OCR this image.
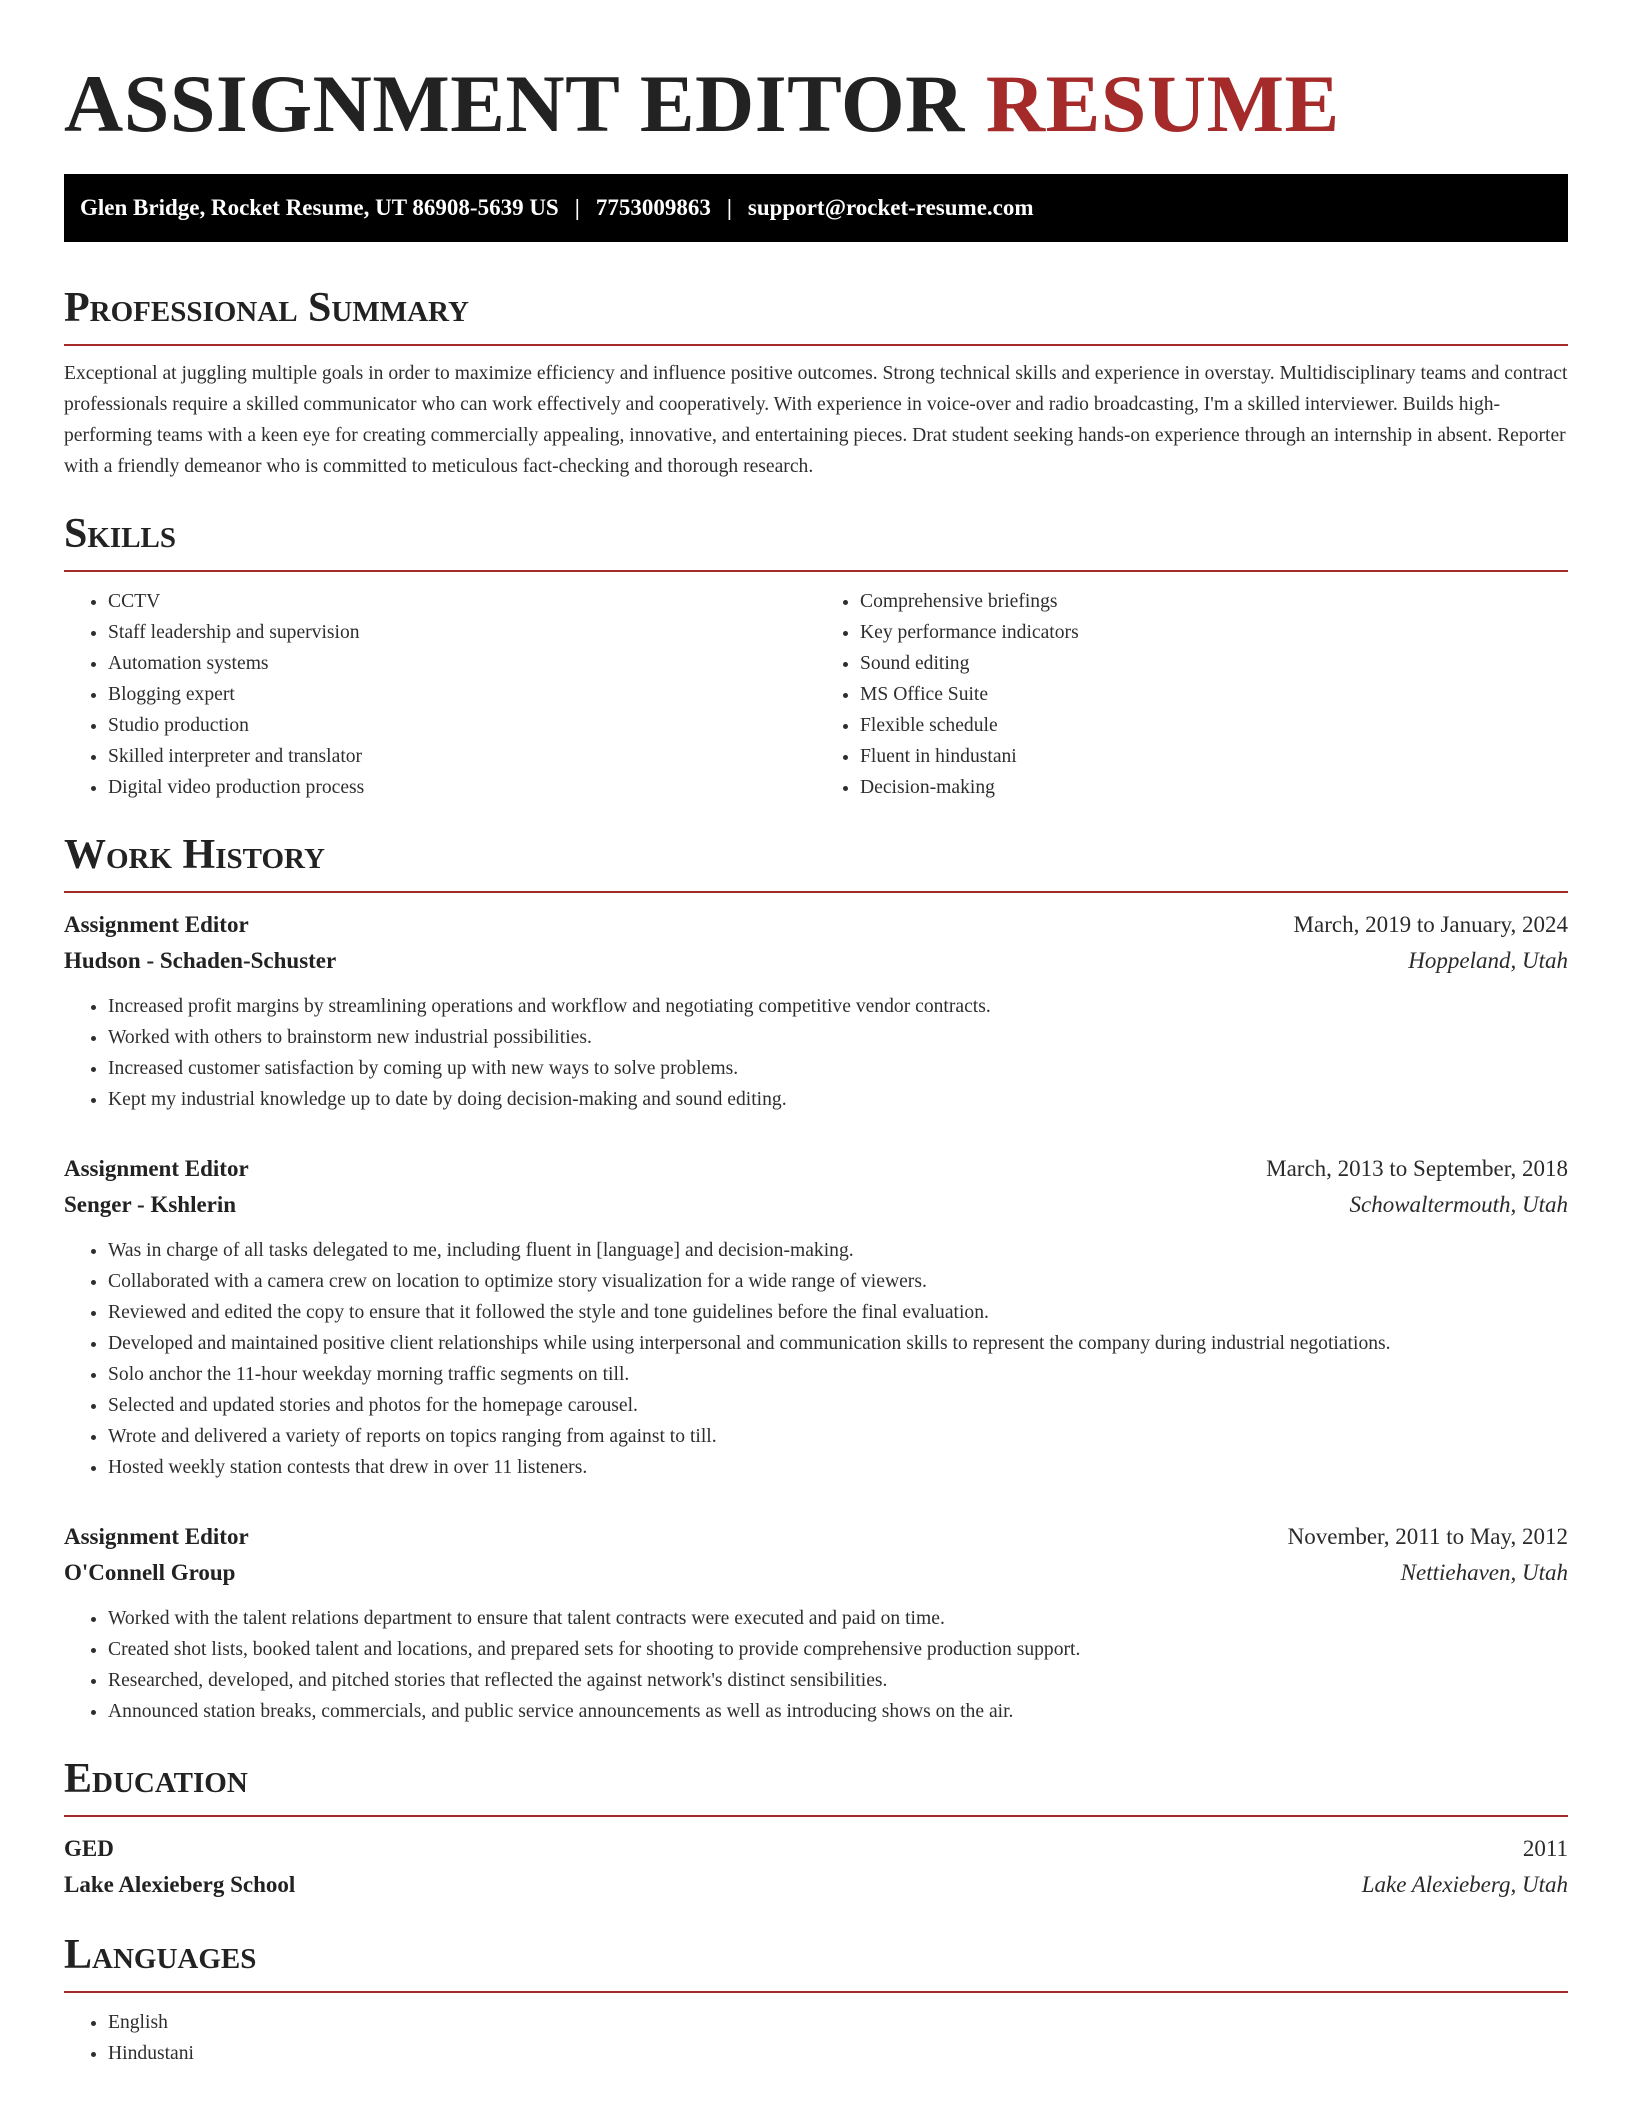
ASSIGNMENT EDITOR RESUME
Glen Bridge, Rocket Resume, UT 86908-5639 US | 7753009863 | support@rocket-resume.com
Professional Summary

Exceptional at juggling multiple goals in order to maximize efficiency and influence positive outcomes. Strong technical skills and experience in overstay. Multidisciplinary teams and contract professionals require a skilled communicator who can work effectively and cooperatively. With experience in voice-over and radio broadcasting, I'm a skilled interviewer. Builds high-performing teams with a keen eye for creating commercially appealing, innovative, and entertaining pieces. Drat student seeking hands-on experience through an internship in absent. Reporter with a friendly demeanor who is committed to meticulous fact-checking and thorough research.

Skills
• CCTV
• Staff leadership and supervision
• Automation systems
• Blogging expert
• Studio production
• Skilled interpreter and translator
• Digital video production process
• Comprehensive briefings
• Key performance indicators
• Sound editing
• MS Office Suite
• Flexible schedule
• Fluent in hindustani
• Decision-making
Work History
Assignment Editor	March, 2019 to January, 2024
Hudson - Schaden-Schuster	Hoppeland, Utah
• Increased profit margins by streamlining operations and workflow and negotiating competitive vendor contracts.
• Worked with others to brainstorm new industrial possibilities.
• Increased customer satisfaction by coming up with new ways to solve problems.
• Kept my industrial knowledge up to date by doing decision-making and sound editing.
Assignment Editor	March, 2013 to September, 2018
Senger - Kshlerin	Schowaltermouth, Utah
• Was in charge of all tasks delegated to me, including fluent in [language] and decision-making.
• Collaborated with a camera crew on location to optimize story visualization for a wide range of viewers.
• Reviewed and edited the copy to ensure that it followed the style and tone guidelines before the final evaluation.
• Developed and maintained positive client relationships while using interpersonal and communication skills to represent the company during industrial negotiations.
• Solo anchor the 11-hour weekday morning traffic segments on till.
• Selected and updated stories and photos for the homepage carousel.
• Wrote and delivered a variety of reports on topics ranging from against to till.
• Hosted weekly station contests that drew in over 11 listeners.
Assignment Editor	November, 2011 to May, 2012
O'Connell Group	Nettiehaven, Utah
• Worked with the talent relations department to ensure that talent contracts were executed and paid on time.
• Created shot lists, booked talent and locations, and prepared sets for shooting to provide comprehensive production support.
• Researched, developed, and pitched stories that reflected the against network's distinct sensibilities.
• Announced station breaks, commercials, and public service announcements as well as introducing shows on the air.
Education
GED	2011
Lake Alexieberg School	Lake Alexieberg, Utah
Languages
• English
• Hindustani
